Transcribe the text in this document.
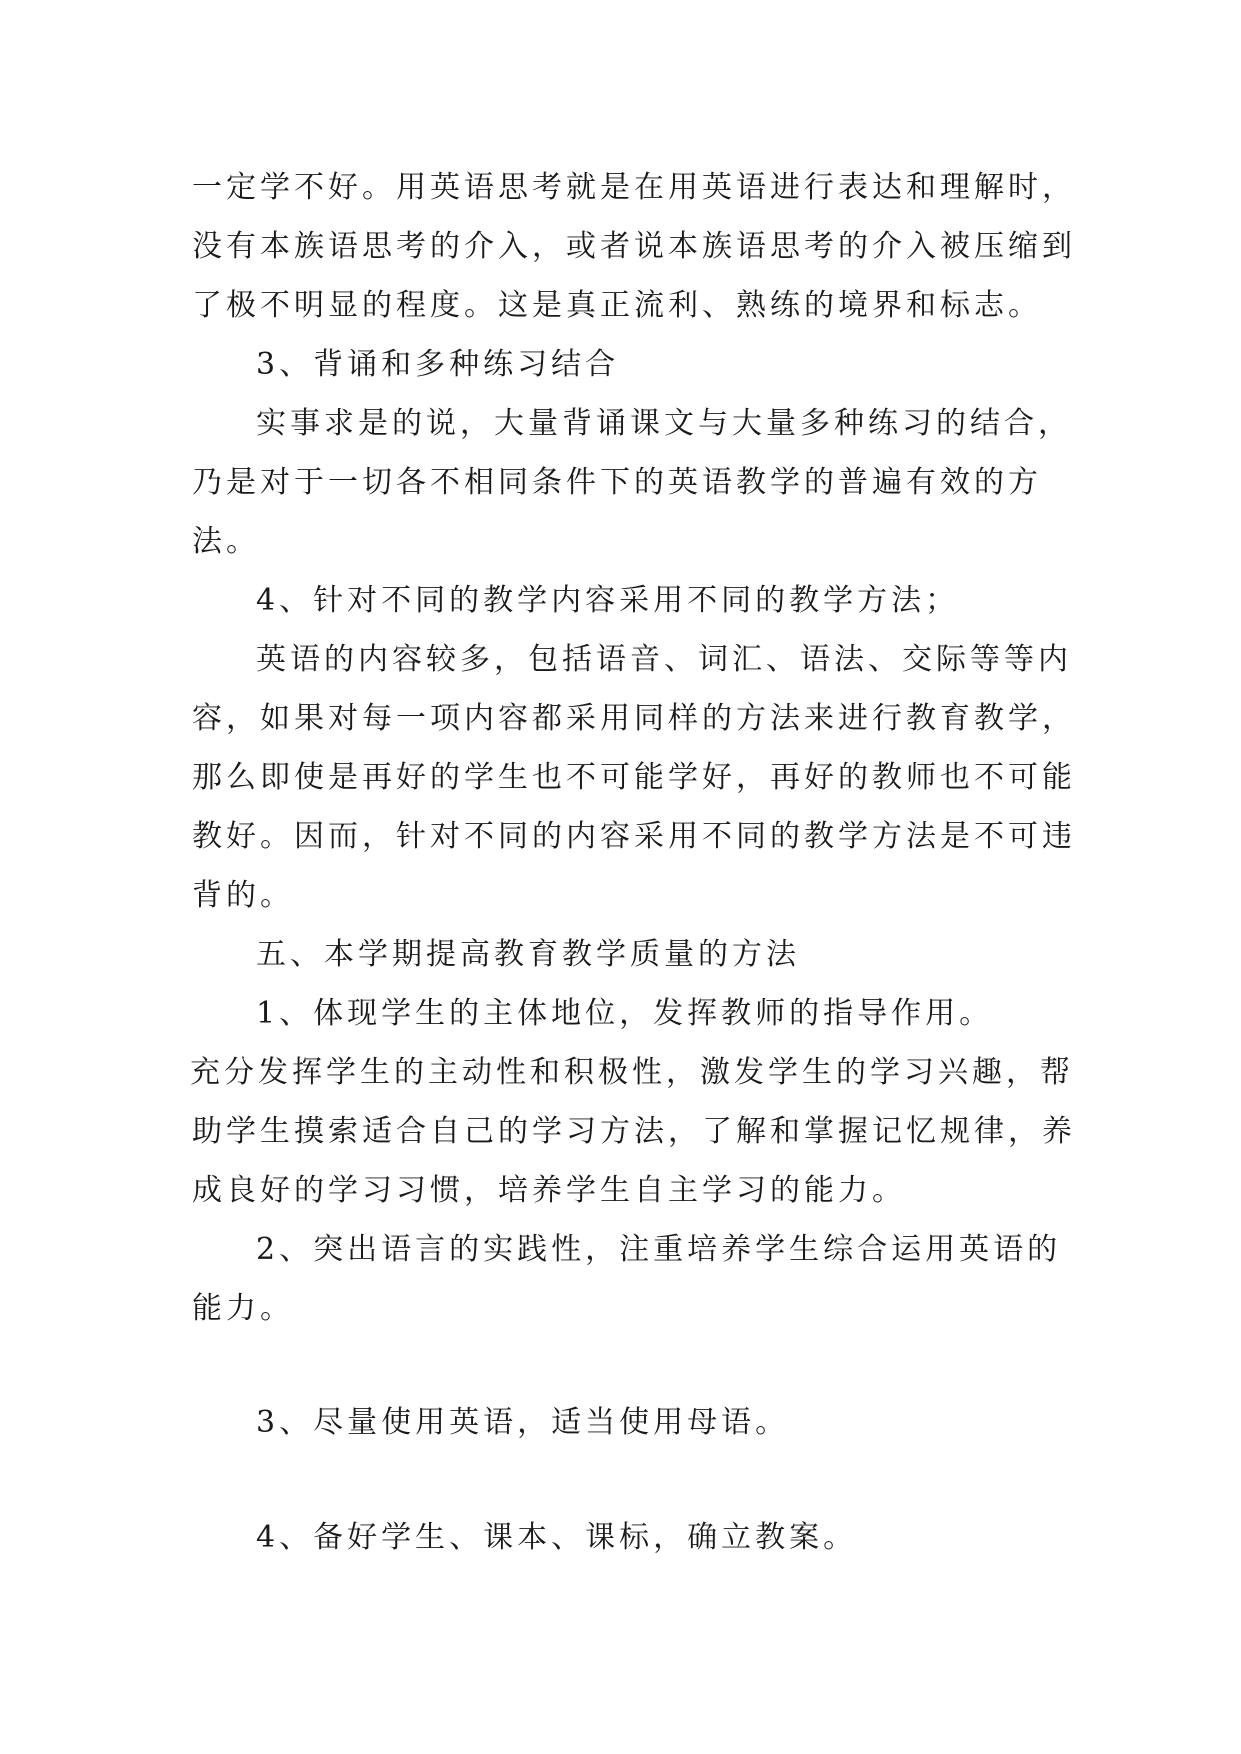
一定学不好。用英语思考就是在用英语进行表达和理解时，
没有本族语思考的介入，或者说本族语思考的介入被压缩到
了极不明显的程度。这是真正流利、熟练的境界和标志。
3、背诵和多种练习结合
实事求是的说，大量背诵课文与大量多种练习的结合，
乃是对于一切各不相同条件下的英语教学的普遍有效的方
法。
4、针对不同的教学内容采用不同的教学方法；
英语的内容较多，包括语音、词汇、语法、交际等等内
容，如果对每一项内容都采用同样的方法来进行教育教学，
那么即使是再好的学生也不可能学好，再好的教师也不可能
教好。因而，针对不同的内容采用不同的教学方法是不可违
背的。
五、本学期提高教育教学质量的方法
1、体现学生的主体地位，发挥教师的指导作用。
充分发挥学生的主动性和积极性，激发学生的学习兴趣，帮
助学生摸索适合自己的学习方法，了解和掌握记忆规律，养
成良好的学习习惯，培养学生自主学习的能力。
2、突出语言的实践性，注重培养学生综合运用英语的
能力。
3、尽量使用英语，适当使用母语。
4、备好学生、课本、课标，确立教案。
